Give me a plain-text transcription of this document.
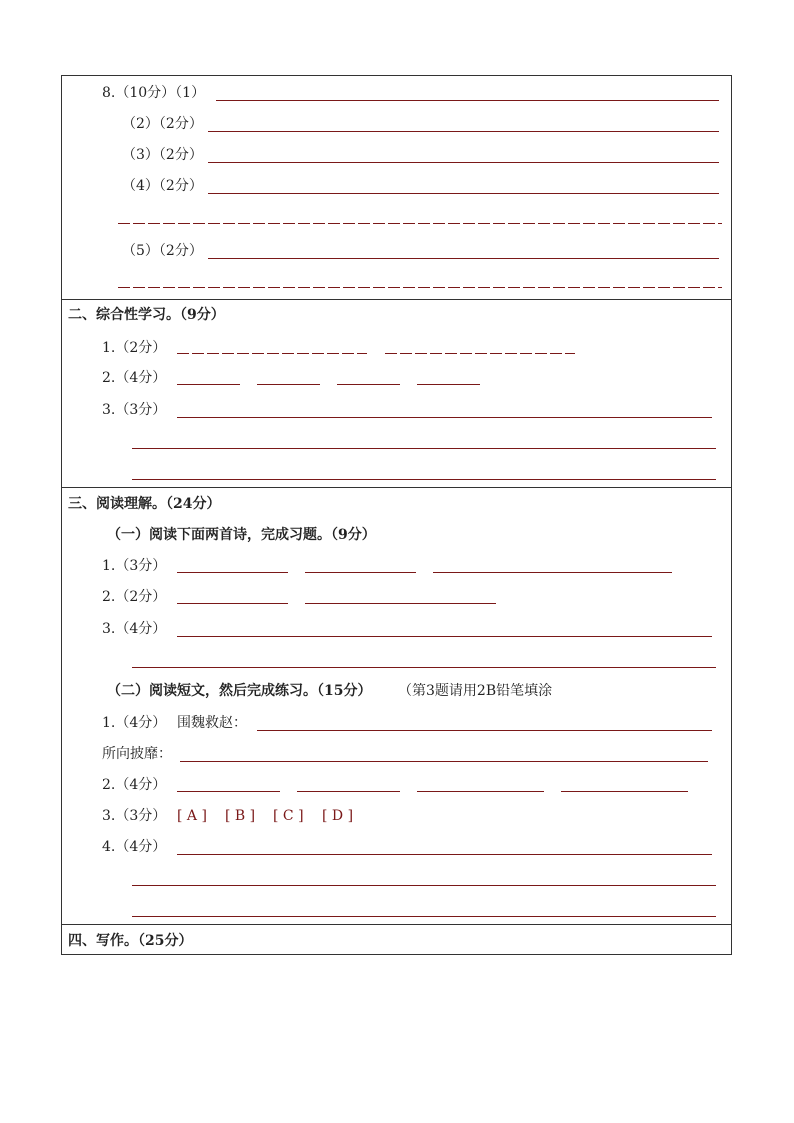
8.（10分）（1）
（2）（2分）
（3）（2分）
（4）（2分）
（5）（2分）
二、综合性学习。（9分）
1.（2分）
2.（4分）
3.（3分）
三、阅读理解。（24分）
（一）阅读下面两首诗，完成习题。（9分）
1.（3分）
2.（2分）
3.（4分）
（二）阅读短文，然后完成练习。（15分） （第3题请用2B铅笔填涂
1.（4分） 围魏救赵：
所向披靡：
2.（4分）
3.（3分） [ A ] [ B ] [ C ] [ D ]
4.（4分）
四、写作。（25分）
